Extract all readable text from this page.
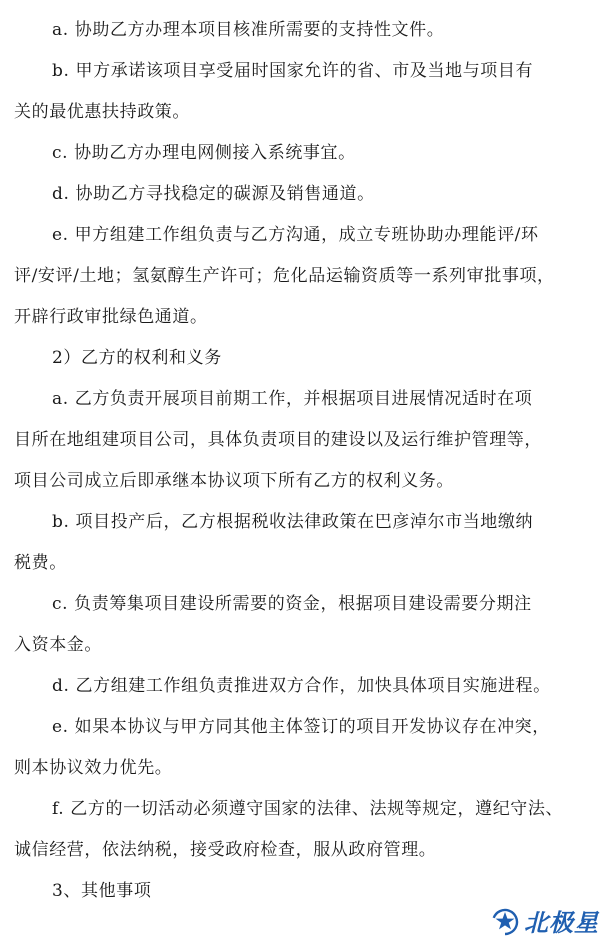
a. 协助乙方办理本项目核准所需要的支持性文件。
b. 甲方承诺该项目享受届时国家允许的省、市及当地与项目有
关的最优惠扶持政策。
c. 协助乙方办理电网侧接入系统事宜。
d. 协助乙方寻找稳定的碳源及销售通道。
e. 甲方组建工作组负责与乙方沟通，成立专班协助办理能评/环
评/安评/土地；氢氨醇生产许可；危化品运输资质等一系列审批事项，
开辟行政审批绿色通道。
2）乙方的权利和义务
a. 乙方负责开展项目前期工作，并根据项目进展情况适时在项
目所在地组建项目公司，具体负责项目的建设以及运行维护管理等，
项目公司成立后即承继本协议项下所有乙方的权利义务。
b. 项目投产后，乙方根据税收法律政策在巴彦淖尔市当地缴纳
税费。
c. 负责筹集项目建设所需要的资金，根据项目建设需要分期注
入资本金。
d. 乙方组建工作组负责推进双方合作，加快具体项目实施进程。
e. 如果本协议与甲方同其他主体签订的项目开发协议存在冲突，
则本协议效力优先。
f. 乙方的一切活动必须遵守国家的法律、法规等规定，遵纪守法、
诚信经营，依法纳税，接受政府检查，服从政府管理。
3、其他事项
北极星
